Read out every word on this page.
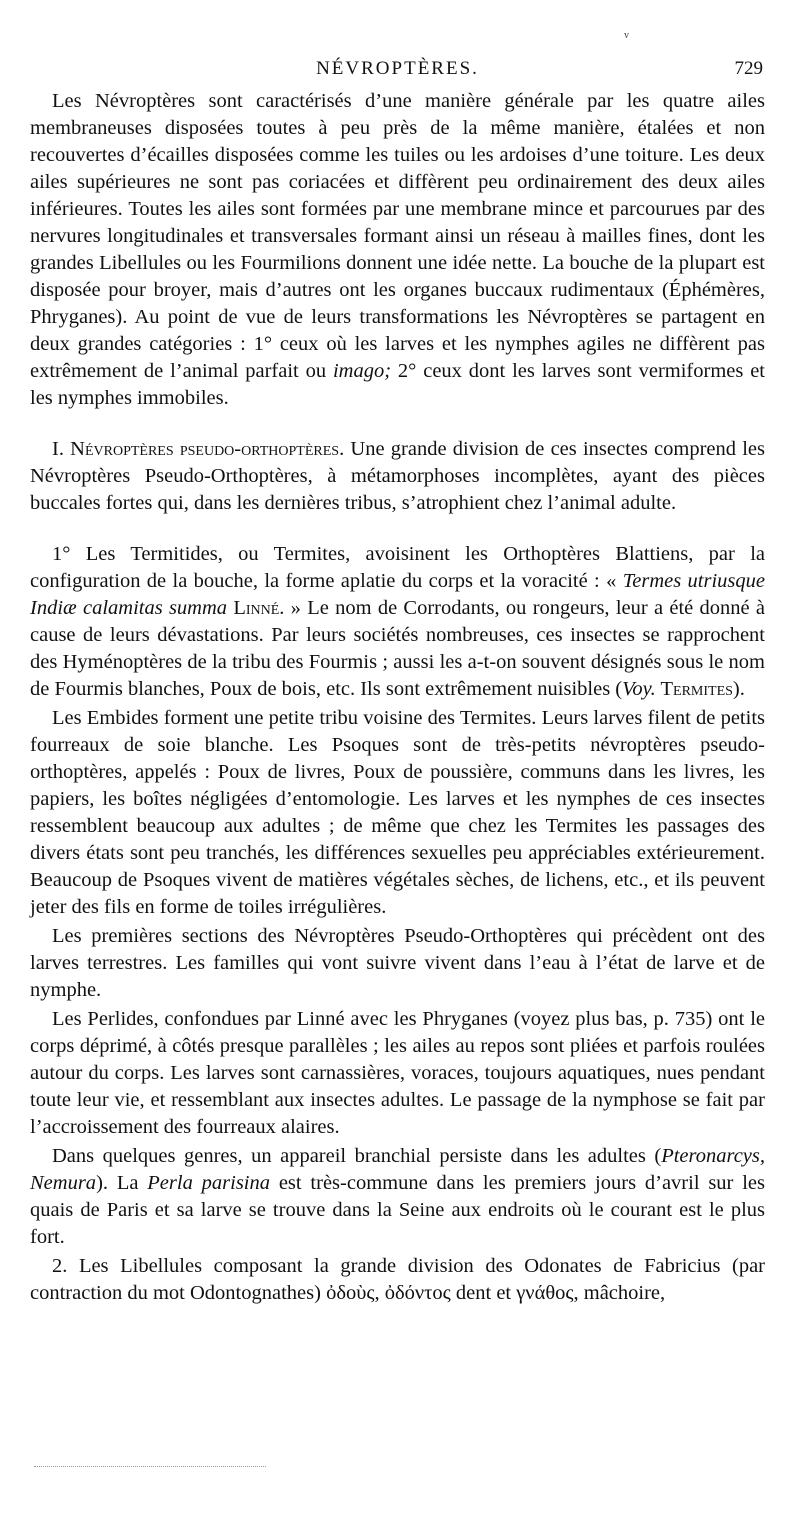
v
NÉVROPTÈRES.	729

Les Névroptères sont caractérisés d’une manière générale par les quatre ailes membraneuses disposées toutes à peu près de la même manière, étalées et non recouvertes d’écailles disposées comme les tuiles ou les ardoises d’une toiture. Les deux ailes supérieures ne sont pas coriacées et diffèrent peu ordinairement des deux ailes inférieures. Toutes les ailes sont formées par une membrane mince et parcourues par des nervures longitudinales et transversales formant ainsi un réseau à mailles fines, dont les grandes Libellules ou les Fourmilions donnent une idée nette. La bouche de la plupart est disposée pour broyer, mais d’autres ont les organes buccaux rudimentaux (Éphémères, Phryganes). Au point de vue de leurs transformations les Névroptères se partagent en deux grandes catégories : 1° ceux où les larves et les nymphes agiles ne diffèrent pas extrêmement de l’animal parfait ou imago; 2° ceux dont les larves sont vermiformes et les nymphes immobiles.

I. Névroptères pseudo-orthoptères. Une grande division de ces insectes comprend les Névroptères Pseudo-Orthoptères, à métamorphoses incomplètes, ayant des pièces buccales fortes qui, dans les dernières tribus, s’atrophient chez l’animal adulte.

1° Les Termitides, ou Termites, avoisinent les Orthoptères Blattiens, par la configuration de la bouche, la forme aplatie du corps et la voracité : « Termes utriusque Indiæ calamitas summa Linné. » Le nom de Corrodants, ou rongeurs, leur a été donné à cause de leurs dévastations. Par leurs sociétés nombreuses, ces insectes se rapprochent des Hyménoptères de la tribu des Fourmis ; aussi les a-t-on souvent désignés sous le nom de Fourmis blanches, Poux de bois, etc. Ils sont extrêmement nuisibles (Voy. Termites).

Les Embides forment une petite tribu voisine des Termites. Leurs larves filent de petits fourreaux de soie blanche. Les Psoques sont de très-petits névroptères pseudo-orthoptères, appelés : Poux de livres, Poux de poussière, communs dans les livres, les papiers, les boîtes négligées d’entomologie. Les larves et les nymphes de ces insectes ressemblent beaucoup aux adultes ; de même que chez les Termites les passages des divers états sont peu tranchés, les différences sexuelles peu appréciables extérieurement. Beaucoup de Psoques vivent de matières végétales sèches, de lichens, etc., et ils peuvent jeter des fils en forme de toiles irrégulières.

Les premières sections des Névroptères Pseudo-Orthoptères qui précèdent ont des larves terrestres. Les familles qui vont suivre vivent dans l’eau à l’état de larve et de nymphe.

Les Perlides, confondues par Linné avec les Phryganes (voyez plus bas, p. 735) ont le corps déprimé, à côtés presque parallèles ; les ailes au repos sont pliées et parfois roulées autour du corps. Les larves sont carnassières, voraces, toujours aquatiques, nues pendant toute leur vie, et ressemblant aux insectes adultes. Le passage de la nymphose se fait par l’accroissement des fourreaux alaires.

Dans quelques genres, un appareil branchial persiste dans les adultes (Pteronarcys, Nemura). La Perla parisina est très-commune dans les premiers jours d’avril sur les quais de Paris et sa larve se trouve dans la Seine aux endroits où le courant est le plus fort.

2. Les Libellules composant la grande division des Odonates de Fabricius (par contraction du mot Odontognathes) ὀδοὺς, ὀδόντος dent et γνάθος, mâchoire,
